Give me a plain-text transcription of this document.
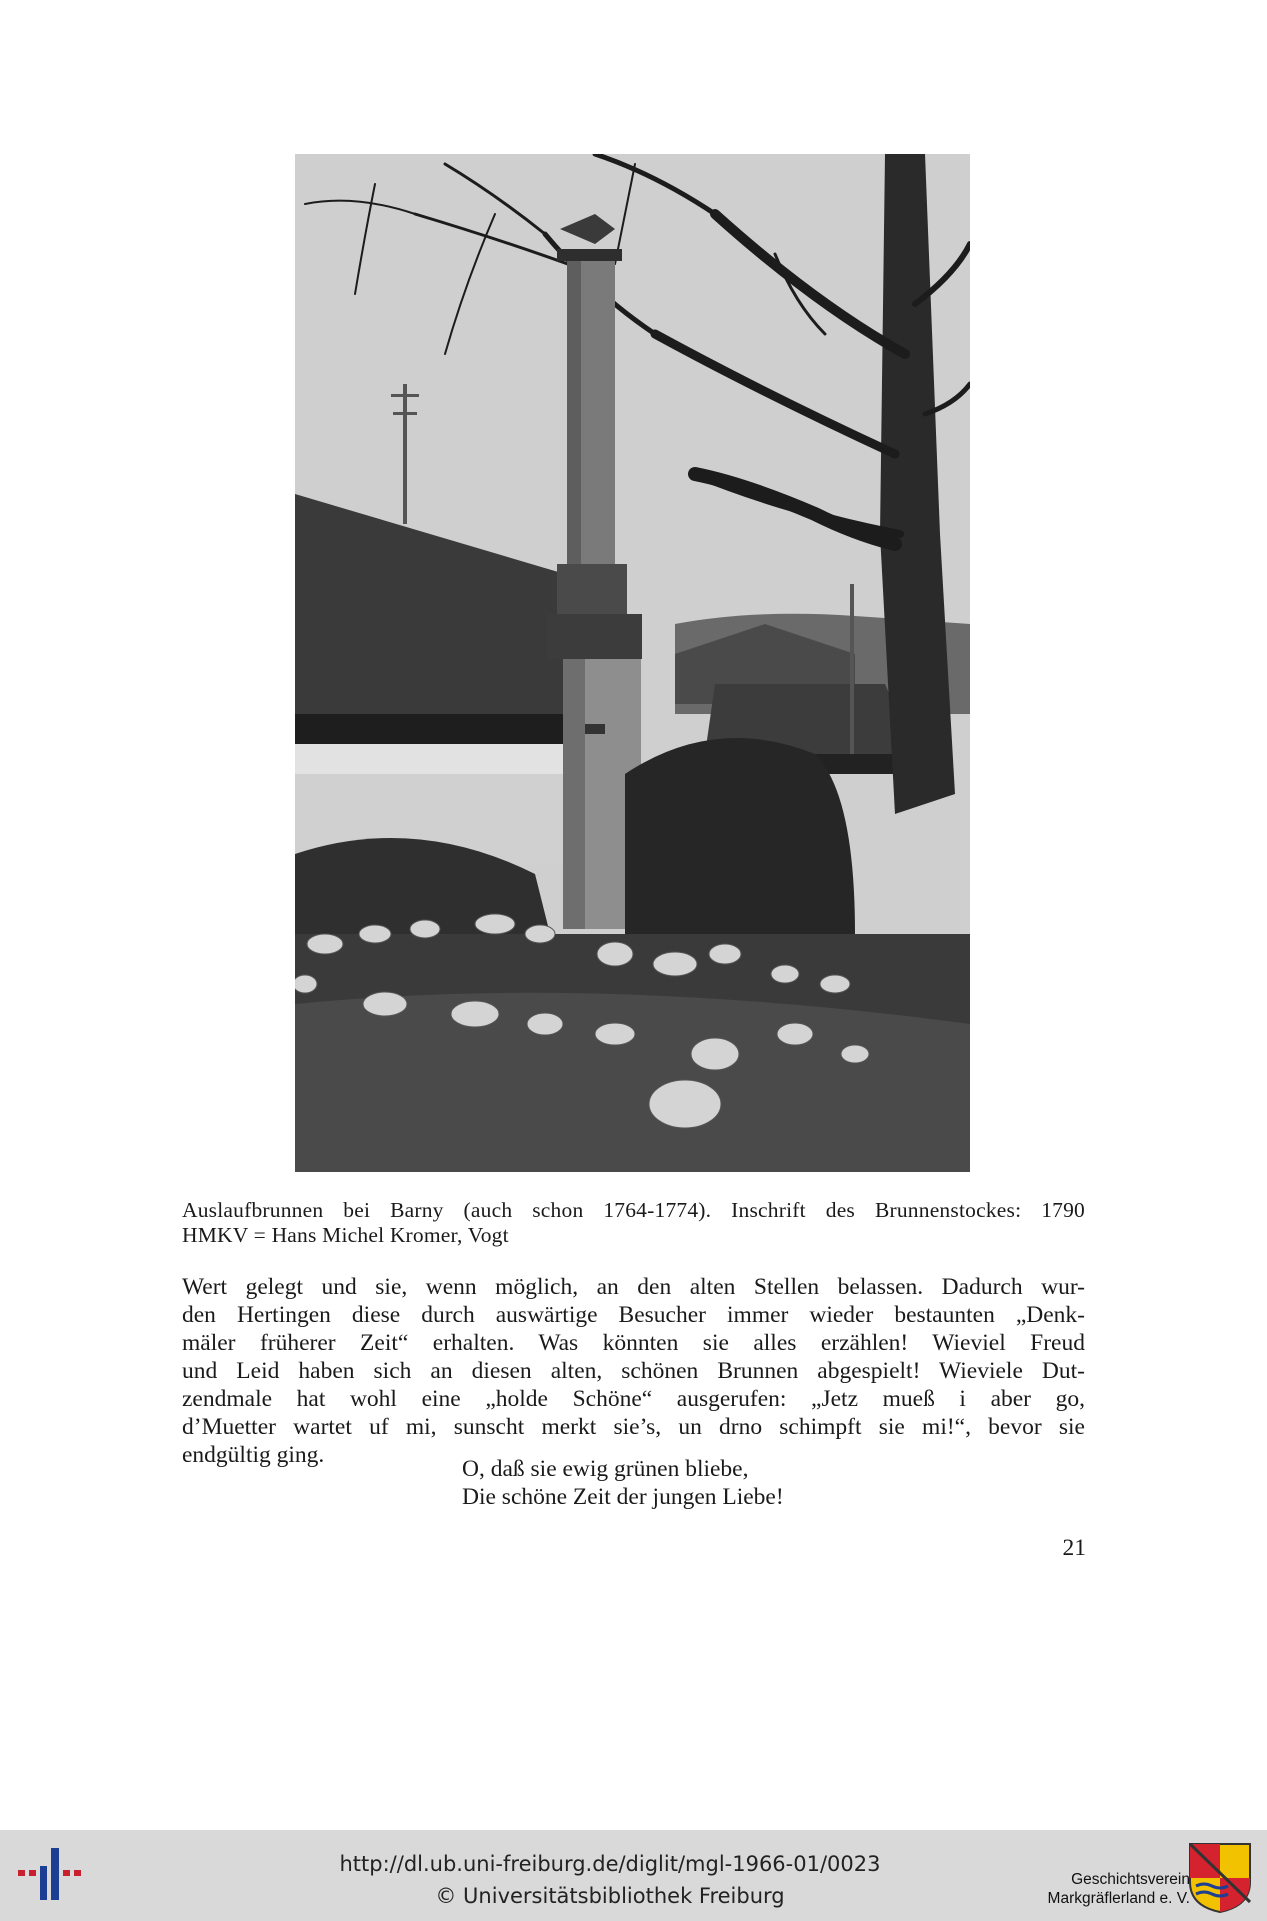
Auslaufbrunnen bei Barny (auch schon 1764-1774). Inschrift des Brunnenstockes: 1790
HMKV = Hans Michel Kromer, Vogt
Wert gelegt und sie, wenn möglich, an den alten Stellen belassen. Dadurch wur-
den Hertingen diese durch auswärtige Besucher immer wieder bestaunten „Denk-
mäler früherer Zeit“ erhalten. Was könnten sie alles erzählen! Wieviel Freud
und Leid haben sich an diesen alten, schönen Brunnen abgespielt! Wieviele Dut-
zendmale hat wohl eine „holde Schöne“ ausgerufen: „Jetz mueß i aber go,
d’Muetter wartet uf mi, sunscht merkt sie’s, un drno schimpft sie mi!“, bevor sie
endgültig ging.
O, daß sie ewig grünen bliebe,
Die schöne Zeit der jungen Liebe!
21
http://dl.ub.uni-freiburg.de/diglit/mgl-1966-01/0023
© Universitätsbibliothek Freiburg
Geschichtsverein
Markgräflerland e. V.
